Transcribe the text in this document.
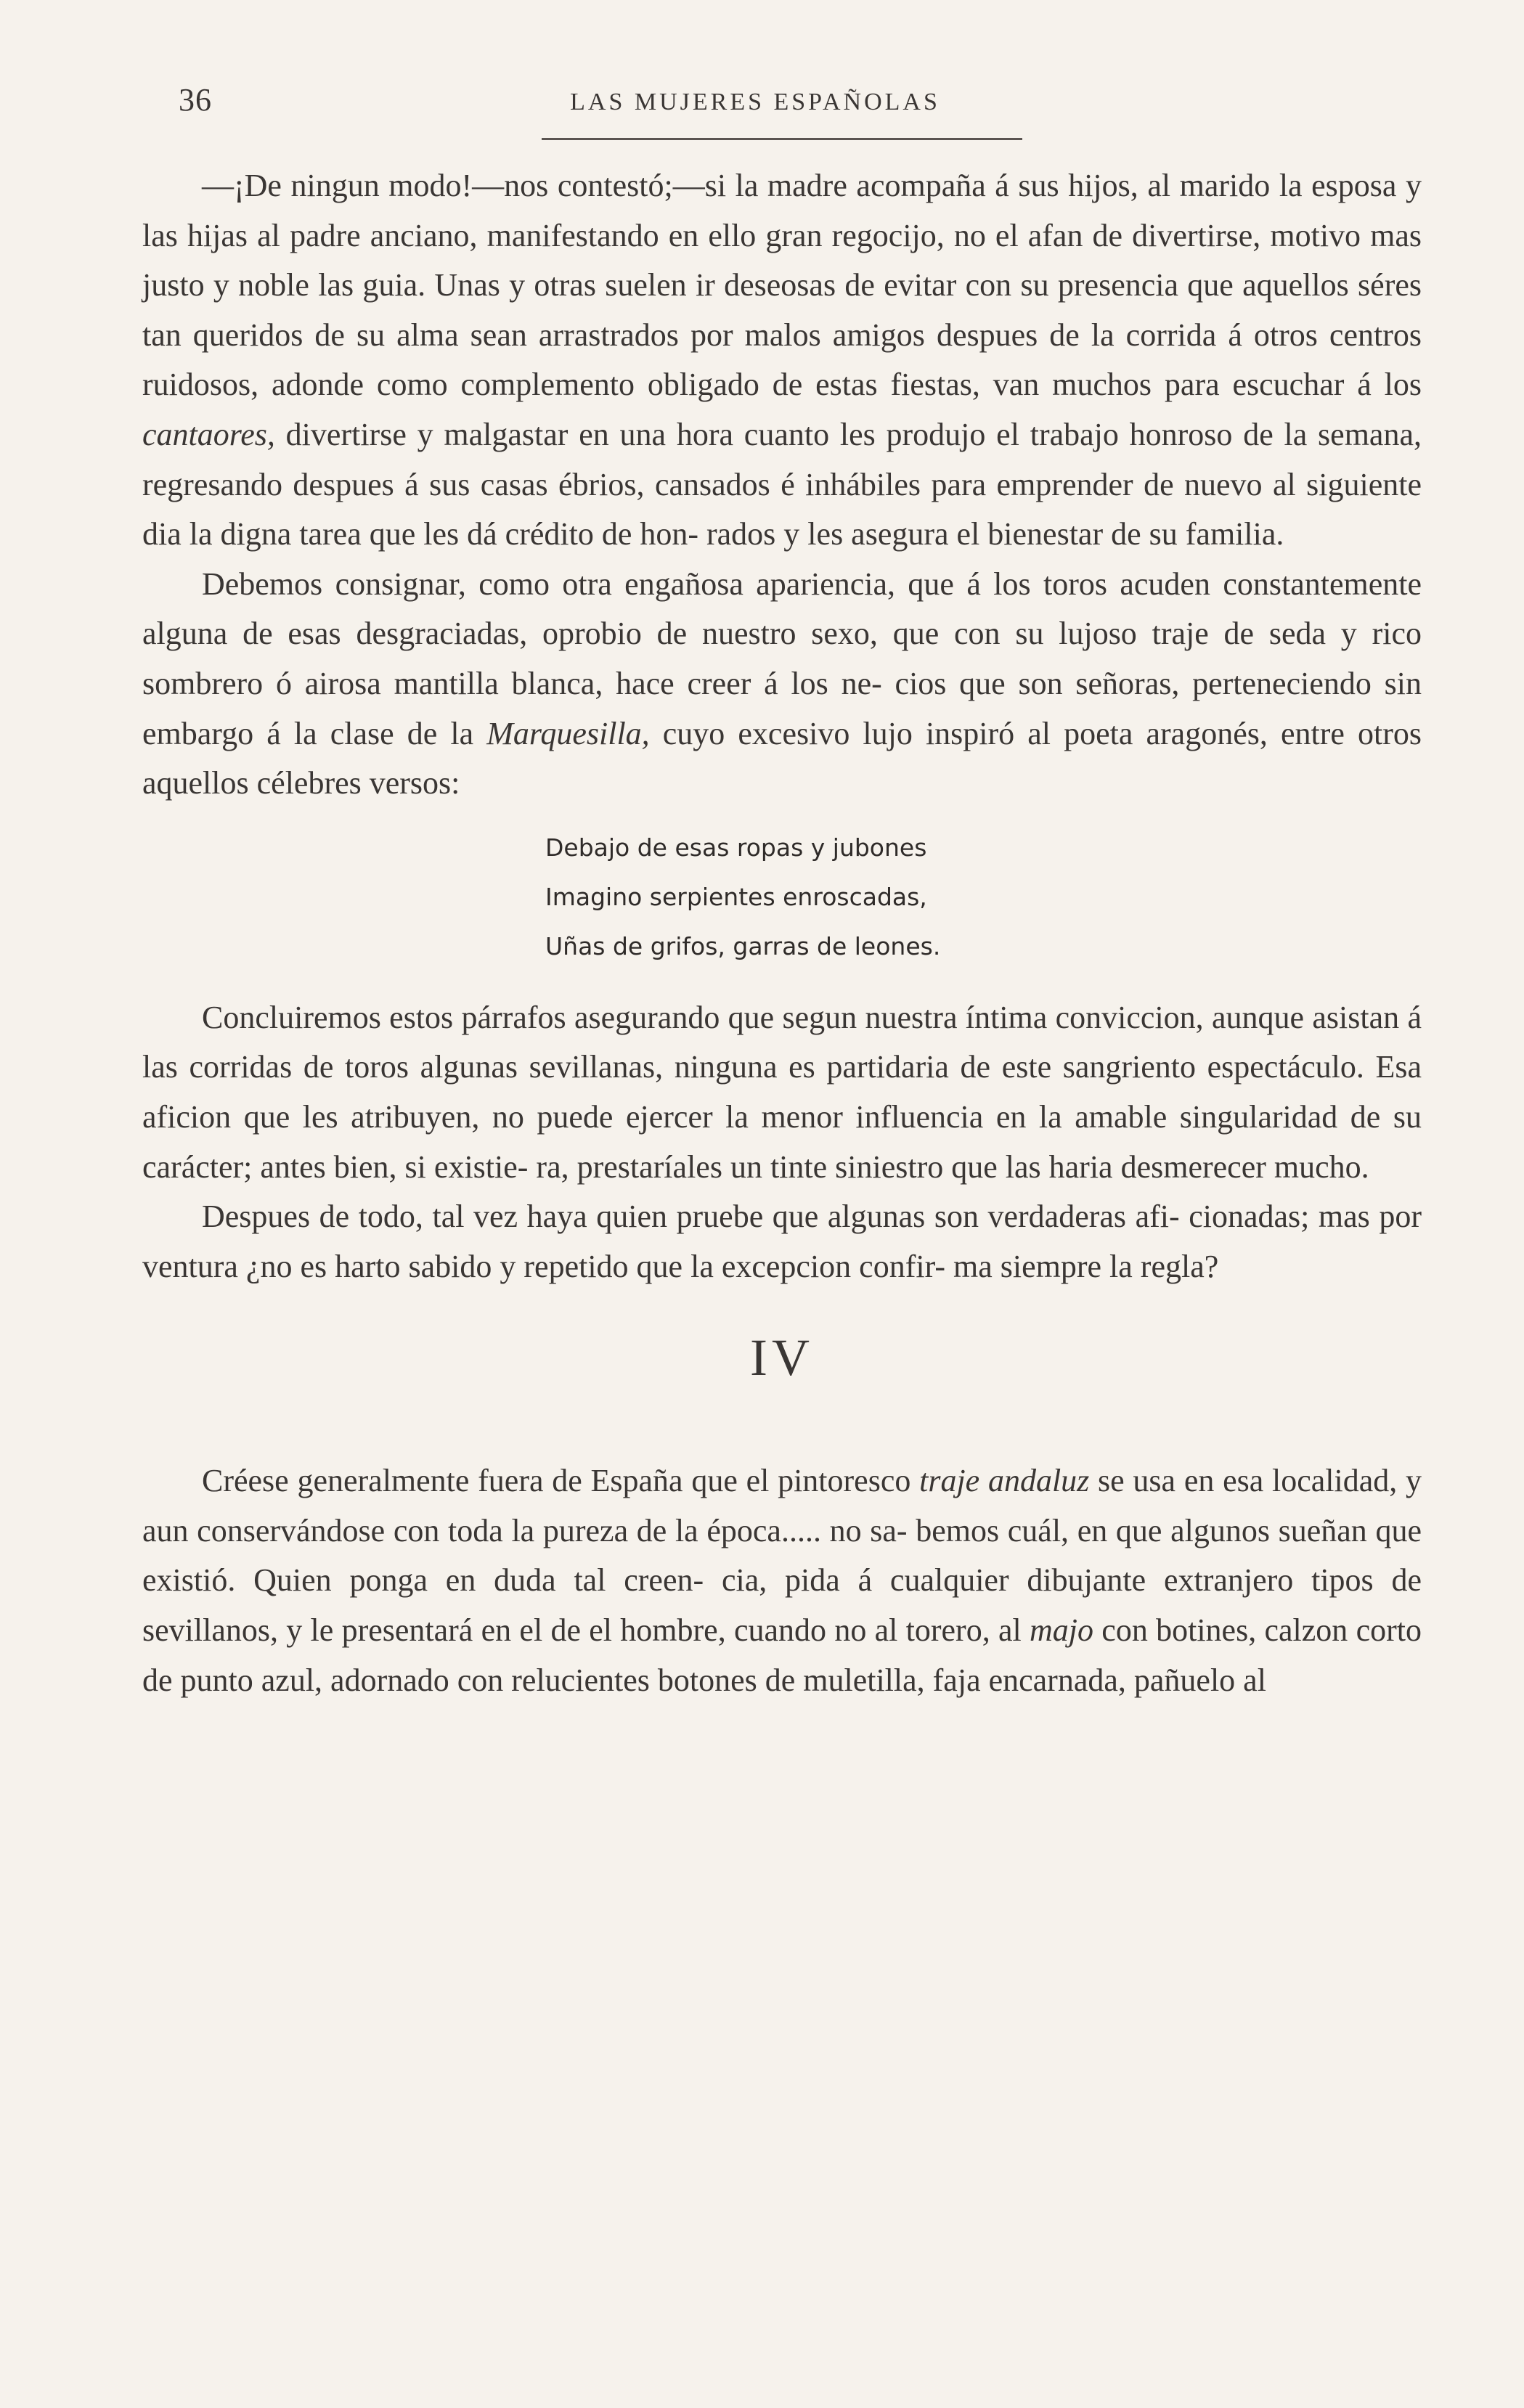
36	LAS MUJERES ESPAÑOLAS

—¡De ningun modo!—nos contestó;—si la madre acompaña á sus hijos, al marido la esposa y las hijas al padre anciano, manifestando en ello gran regocijo, no el afan de divertirse, motivo mas justo y noble las guia. Unas y otras suelen ir deseosas de evitar con su presencia que aquellos séres tan queridos de su alma sean arrastrados por malos amigos despues de la corrida á otros centros ruidosos, adonde como complemento obligado de estas fiestas, van muchos para escuchar á los cantaores, divertirse y malgastar en una hora cuanto les produjo el trabajo honroso de la semana, regresando despues á sus casas ébrios, cansados é inhábiles para emprender de nuevo al siguiente dia la digna tarea que les dá crédito de hon- rados y les asegura el bienestar de su familia.

Debemos consignar, como otra engañosa apariencia, que á los toros acuden constantemente alguna de esas desgraciadas, oprobio de nuestro sexo, que con su lujoso traje de seda y rico sombrero ó airosa mantilla blanca, hace creer á los ne- cios que son señoras, perteneciendo sin embargo á la clase de la Marquesilla, cuyo excesivo lujo inspiró al poeta aragonés, entre otros aquellos célebres versos:

Debajo de esas ropas y jubones
Imagino serpientes enroscadas,
Uñas de grifos, garras de leones.

Concluiremos estos párrafos asegurando que segun nuestra íntima conviccion, aunque asistan á las corridas de toros algunas sevillanas, ninguna es partidaria de este sangriento espectáculo. Esa aficion que les atribuyen, no puede ejercer la menor influencia en la amable singularidad de su carácter; antes bien, si existie- ra, prestaríales un tinte siniestro que las haria desmerecer mucho.

Despues de todo, tal vez haya quien pruebe que algunas son verdaderas afi- cionadas; mas por ventura ¿no es harto sabido y repetido que la excepcion confir- ma siempre la regla?

IV

Créese generalmente fuera de España que el pintoresco traje andaluz se usa en esa localidad, y aun conservándose con toda la pureza de la época..... no sa- bemos cuál, en que algunos sueñan que existió. Quien ponga en duda tal creen- cia, pida á cualquier dibujante extranjero tipos de sevillanos, y le presentará en el de el hombre, cuando no al torero, al majo con botines, calzon corto de punto azul, adornado con relucientes botones de muletilla, faja encarnada, pañuelo al
